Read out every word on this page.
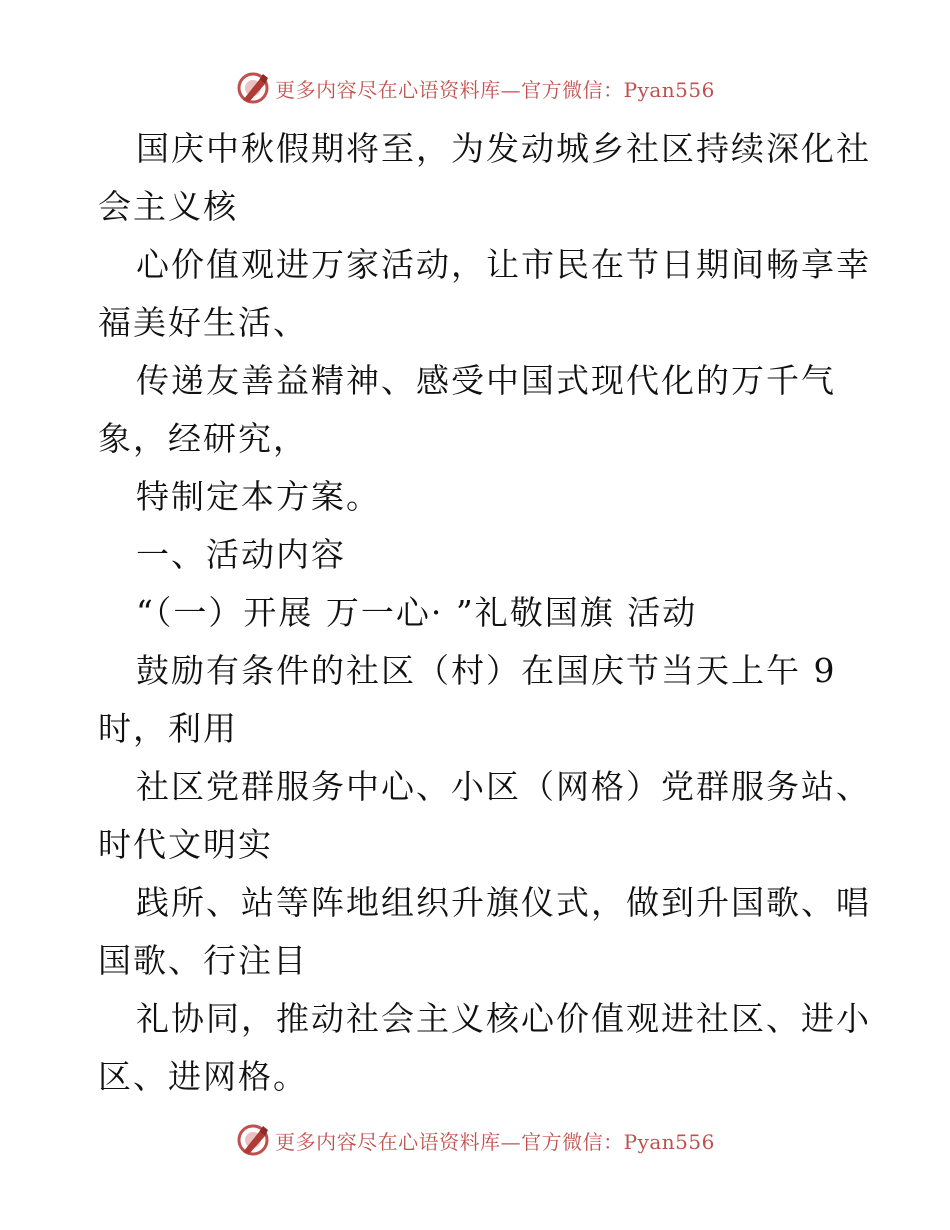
更多内容尽在心语资料库—官方微信：Pyan556
国庆中秋假期将至，为发动城乡社区持续深化社
会主义核
心价值观进万家活动，让市民在节日期间畅享幸
福美好生活、
传递友善益精神、感受中国式现代化的万千气
象，经研究，
特制定本方案。
一、活动内容
“（一）开展 万一心· ”礼敬国旗 活动
鼓励有条件的社区（村）在国庆节当天上午 9
时，利用
社区党群服务中心、小区（网格）党群服务站、
时代文明实
践所、站等阵地组织升旗仪式，做到升国歌、唱
国歌、行注目
礼协同，推动社会主义核心价值观进社区、进小
区、进网格。
更多内容尽在心语资料库—官方微信：Pyan556
